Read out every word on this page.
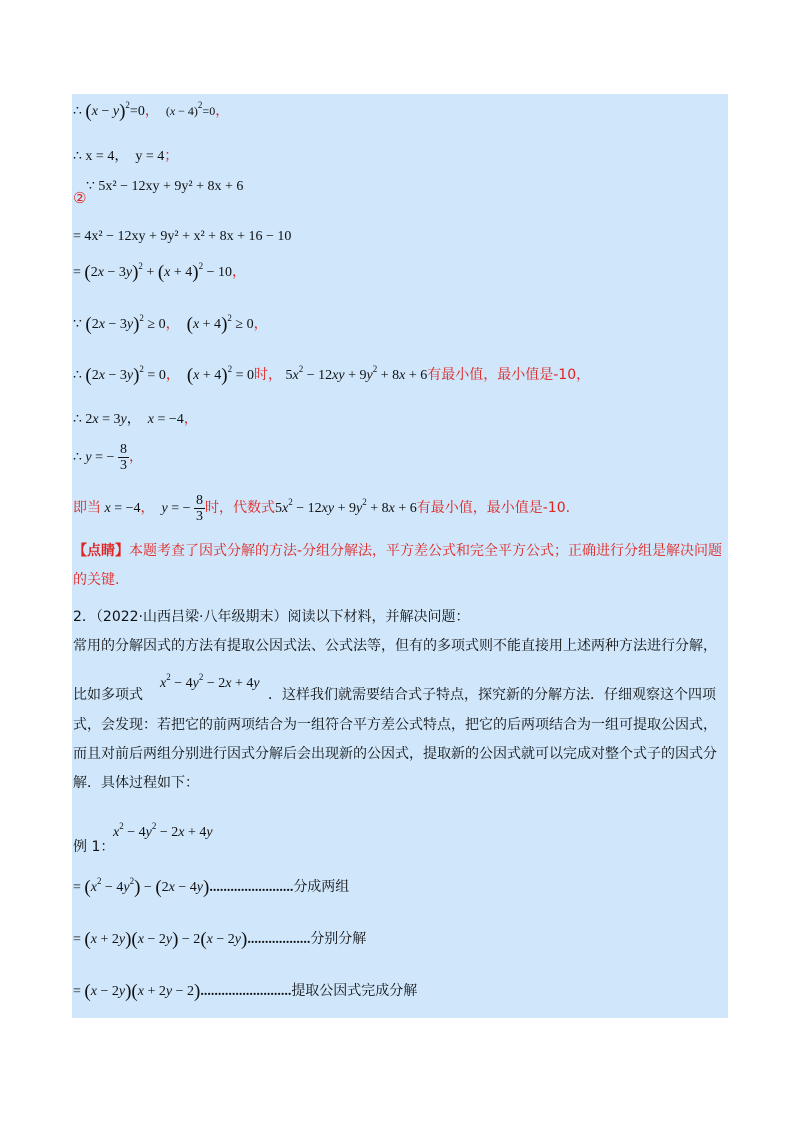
∴ $(x - y)^2=0$， $(x - 4)^2=0$，
∴ x = 4， y = 4；
∵ 5x² − 12xy + 9y² + 8x + 6
②
= 4x² − 12xy + 9y² + x² + 8x + 16 − 10
= $(2x - 3y)^2 + (x + 4)^2 - 10$，
∵ $(2x - 3y)^2 \ge 0$， $(x + 4)^2 \ge 0$，
∴ $(2x - 3y)^2 = 0$， $(x + 4)^2 = 0$时， $5x^2 - 12xy + 9y^2 + 8x + 6$有最小值，最小值是-10，
∴ 2x = 3y， x = −4，
∴ y = − $\frac{8}{3}$ ，
即当 x = −4， y = − $\frac{8}{3}$ 时，代数式$5x^2 - 12xy + 9y^2 + 8x + 6$有最小值，最小值是-10.
【点睛】本题考查了因式分解的方法-分组分解法，平方差公式和完全平方公式；正确进行分组是解决问题的关键.
2．（2022·山西吕梁·八年级期末）阅读以下材料，并解决问题：
常用的分解因式的方法有提取公因式法、公式法等，但有的多项式则不能直接用上述两种方法进行分解，
比如多项式
$x^2 - 4y^2 - 2x + 4y$
．这样我们就需要结合式子特点，探究新的分解方法．仔细观察这个四项
式，会发现：若把它的前两项结合为一组符合平方差公式特点，把它的后两项结合为一组可提取公因式，
而且对前后两组分别进行因式分解后会出现新的公因式，提取新的公因式就可以完成对整个式子的因式分
解．具体过程如下：
$x^2 - 4y^2 - 2x + 4y$
例 1：
= $(x^2 - 4y^2) - (2x - 4y)$........................分成两组
= (x + 2y)(x − 2y) − 2(x − 2y)..................分别分解
= (x − 2y)(x + 2y − 2)..........................提取公因式完成分解
